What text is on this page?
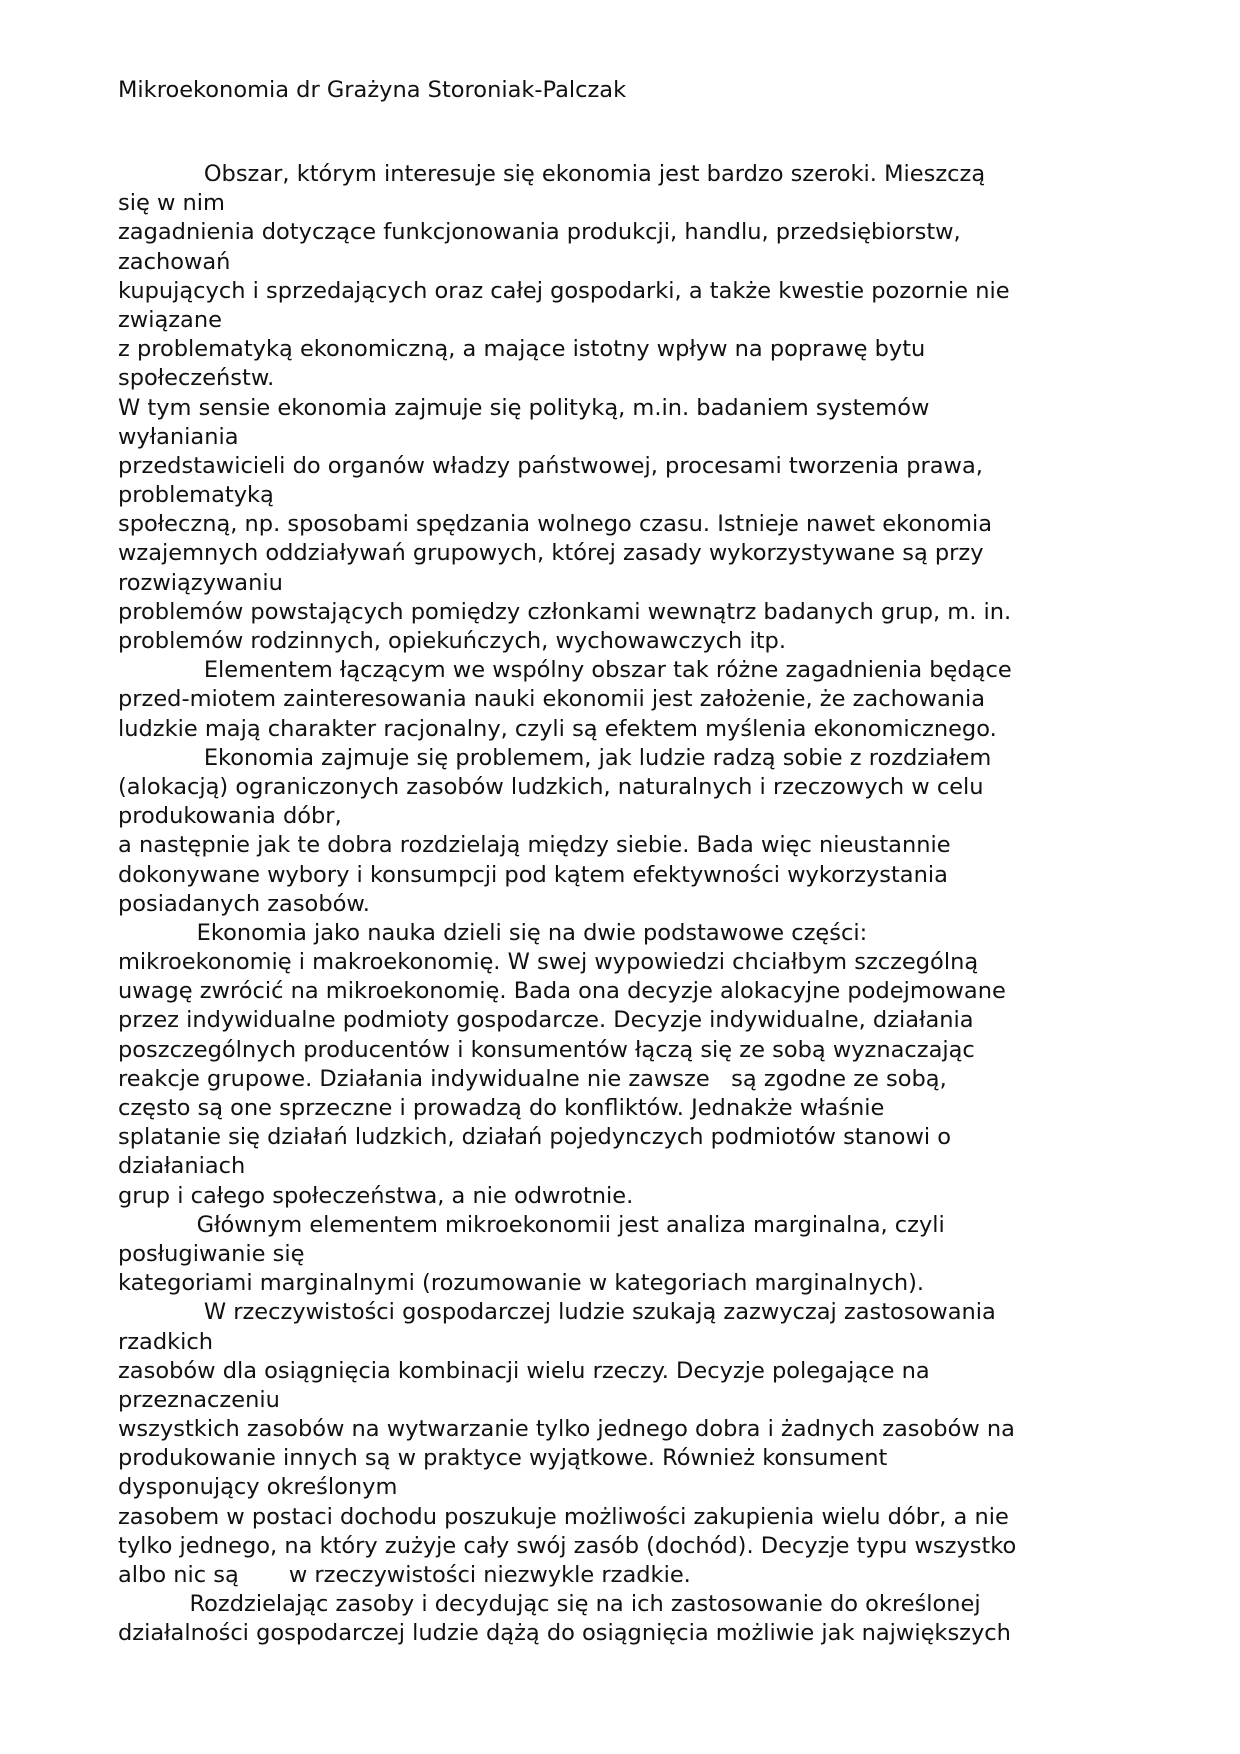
Mikroekonomia dr Grażyna Storoniak-Palczak
Obszar, którym interesuje się ekonomia jest bardzo szeroki. Mieszczą
się w nim
zagadnienia dotyczące funkcjonowania produkcji, handlu, przedsiębiorstw,
zachowań
kupujących i sprzedających oraz całej gospodarki, a także kwestie pozornie nie
związane
z problematyką ekonomiczną, a mające istotny wpływ na poprawę bytu
społeczeństw.
W tym sensie ekonomia zajmuje się polityką, m.in. badaniem systemów
wyłaniania
przedstawicieli do organów władzy państwowej, procesami tworzenia prawa,
problematyką
społeczną, np. sposobami spędzania wolnego czasu. Istnieje nawet ekonomia
wzajemnych oddziaływań grupowych, której zasady wykorzystywane są przy
rozwiązywaniu
problemów powstających pomiędzy członkami wewnątrz badanych grup, m. in.
problemów rodzinnych, opiekuńczych, wychowawczych itp.
Elementem łączącym we wspólny obszar tak różne zagadnienia będące
przed-miotem zainteresowania nauki ekonomii jest założenie, że zachowania
ludzkie mają charakter racjonalny, czyli są efektem myślenia ekonomicznego.
Ekonomia zajmuje się problemem, jak ludzie radzą sobie z rozdziałem
(alokacją) ograniczonych zasobów ludzkich, naturalnych i rzeczowych w celu
produkowania dóbr,
a następnie jak te dobra rozdzielają między siebie. Bada więc nieustannie
dokonywane wybory i konsumpcji pod kątem efektywności wykorzystania
posiadanych zasobów.
Ekonomia jako nauka dzieli się na dwie podstawowe części:
mikroekonomię i makroekonomię. W swej wypowiedzi chciałbym szczególną
uwagę zwrócić na mikroekonomię. Bada ona decyzje alokacyjne podejmowane
przez indywidualne podmioty gospodarcze. Decyzje indywidualne, działania
poszczególnych producentów i konsumentów łączą się ze sobą wyznaczając
reakcje grupowe. Działania indywidualne nie zawsze   są zgodne ze sobą,
często są one sprzeczne i prowadzą do konfliktów. Jednakże właśnie
splatanie się działań ludzkich, działań pojedynczych podmiotów stanowi o
działaniach
grup i całego społeczeństwa, a nie odwrotnie.
Głównym elementem mikroekonomii jest analiza marginalna, czyli
posługiwanie się
kategoriami marginalnymi (rozumowanie w kategoriach marginalnych).
W rzeczywistości gospodarczej ludzie szukają zazwyczaj zastosowania
rzadkich
zasobów dla osiągnięcia kombinacji wielu rzeczy. Decyzje polegające na
przeznaczeniu
wszystkich zasobów na wytwarzanie tylko jednego dobra i żadnych zasobów na
produkowanie innych są w praktyce wyjątkowe. Również konsument
dysponujący określonym
zasobem w postaci dochodu poszukuje możliwości zakupienia wielu dóbr, a nie
tylko jednego, na który zużyje cały swój zasób (dochód). Decyzje typu wszystko
albo nic są       w rzeczywistości niezwykle rzadkie.
Rozdzielając zasoby i decydując się na ich zastosowanie do określonej
działalności gospodarczej ludzie dążą do osiągnięcia możliwie jak największych
